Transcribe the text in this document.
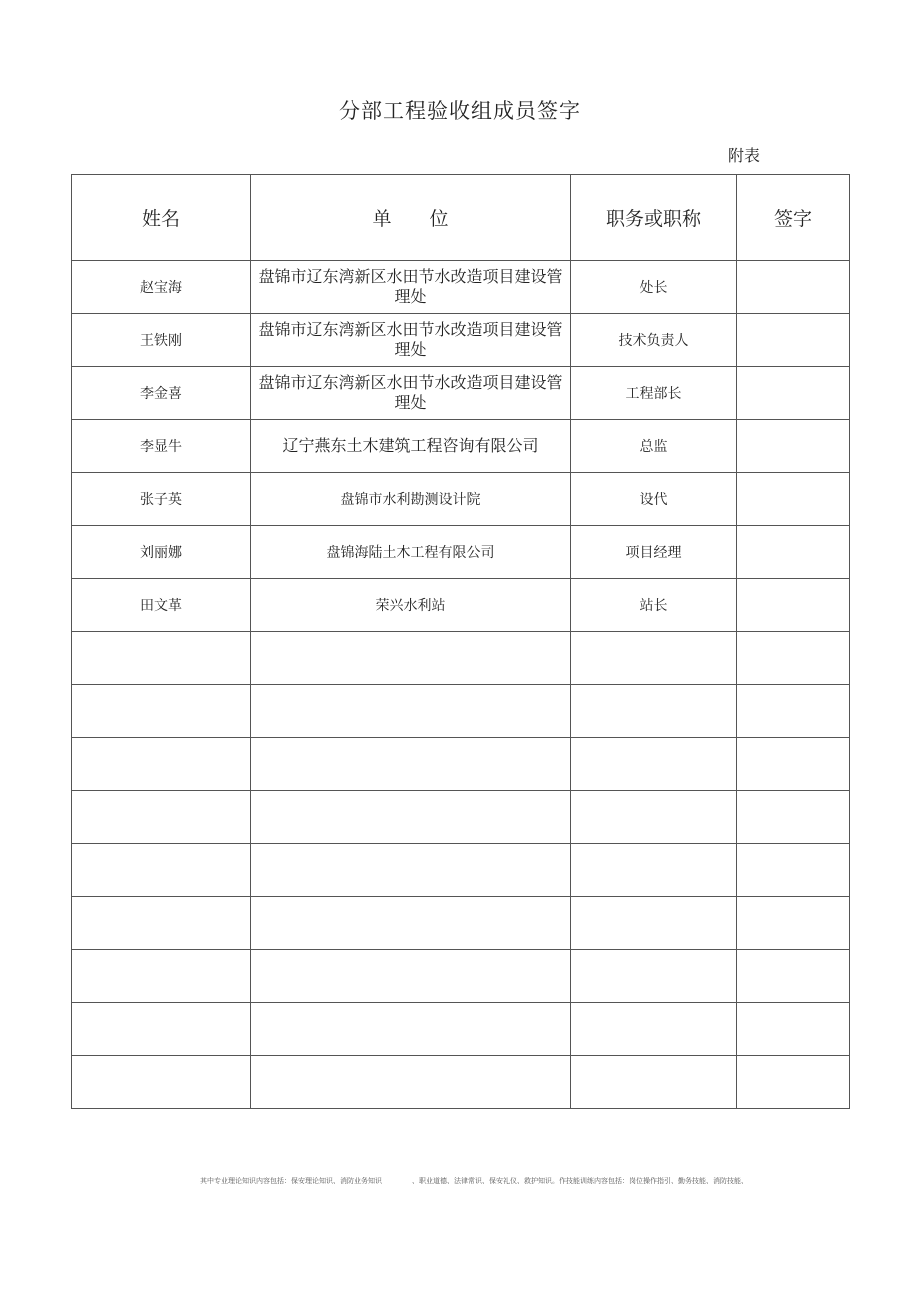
分部工程验收组成员签字
附表
姓名	单　　位	职务或职称	签字
赵宝海	盘锦市辽东湾新区水田节水改造项目建设管理处	处长	
王铁刚	盘锦市辽东湾新区水田节水改造项目建设管理处	技术负责人	
李金喜	盘锦市辽东湾新区水田节水改造项目建设管理处	工程部长	
李显牛	辽宁燕东土木建筑工程咨询有限公司	总监	
张子英	盘锦市水利勘测设计院	设代	
刘丽娜	盘锦海陆土木工程有限公司	项目经理	
田文革	荣兴水利站	站长	

其中专业理论知识内容包括：保安理论知识、消防业务知识	、职业道德、法律常识、保安礼仪、救护知识。作技能训练内容包括：岗位操作指引、勤务技能、消防技能、
